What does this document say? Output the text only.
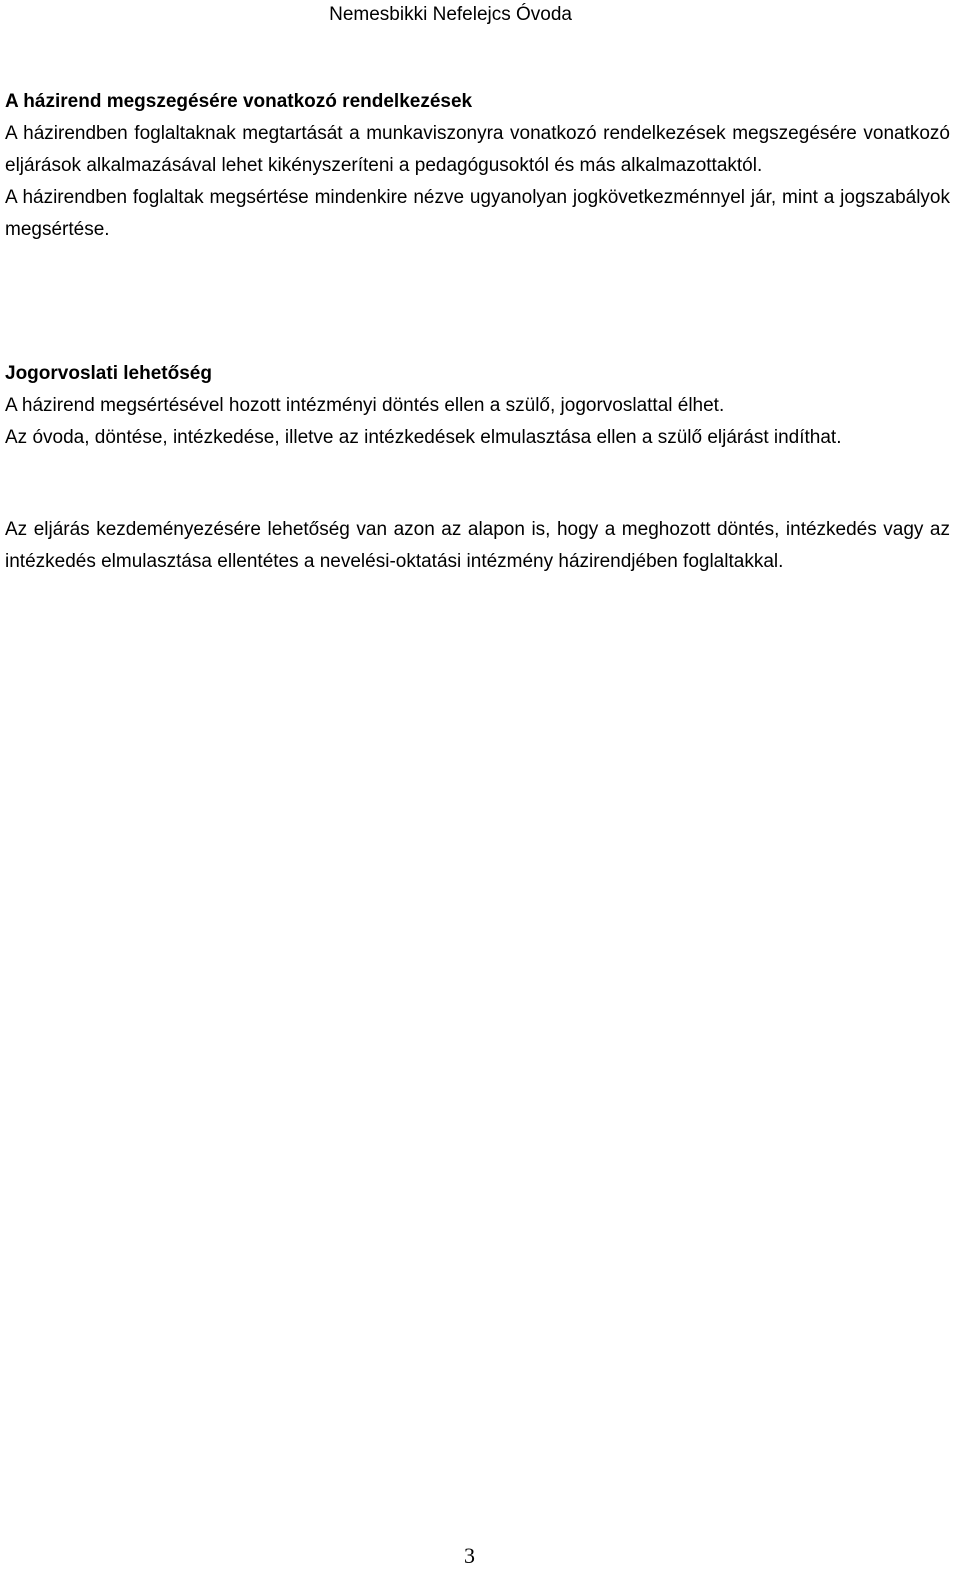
Nemesbikki Nefelejcs Óvoda

A házirend megszegésére vonatkozó rendelkezések

A házirendben foglaltaknak megtartását a munkaviszonyra vonatkozó rendelkezések megszegésére vonatkozó eljárások alkalmazásával lehet kikényszeríteni a pedagógusoktól és más alkalmazottaktól.

A házirendben foglaltak megsértése mindenkire nézve ugyanolyan jogkövetkezménnyel jár, mint a jogszabályok megsértése.

Jogorvoslati lehetőség

A házirend megsértésével hozott intézményi döntés ellen a szülő, jogorvoslattal élhet.

Az óvoda, döntése, intézkedése, illetve az intézkedések elmulasztása ellen a szülő eljárást indíthat.

Az eljárás kezdeményezésére lehetőség van azon az alapon is, hogy a meghozott döntés, intézkedés vagy az intézkedés elmulasztása ellentétes a nevelési-oktatási intézmény házirendjében foglaltakkal.

3
